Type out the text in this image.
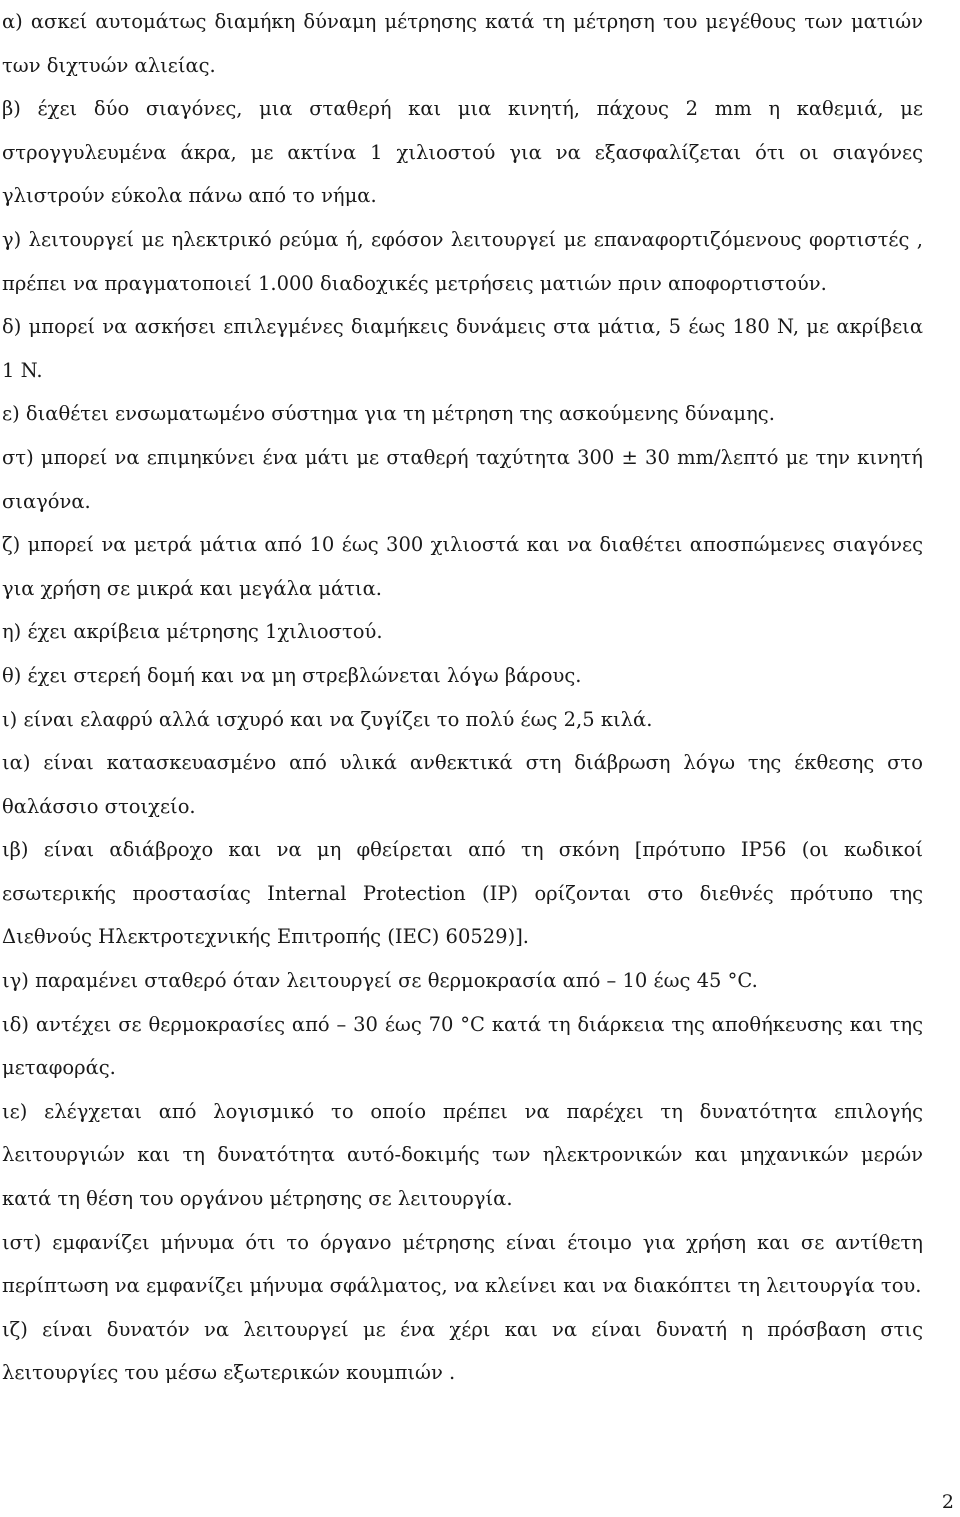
α) ασκεί αυτομάτως διαμήκη δύναμη μέτρησης κατά τη μέτρηση του μεγέθους των ματιών των διχτυών αλιείας.

β) έχει δύο σιαγόνες, μια σταθερή και μια κινητή, πάχους 2 mm η καθεμιά, με στρογγυλευμένα άκρα, με ακτίνα 1 χιλιοστού για να εξασφαλίζεται ότι οι σιαγόνες γλιστρούν εύκολα πάνω από το νήμα.

γ) λειτουργεί με ηλεκτρικό ρεύμα ή, εφόσον λειτουργεί με επαναφορτιζόμενους φορτιστές , πρέπει να πραγματοποιεί 1.000 διαδοχικές μετρήσεις ματιών πριν αποφορτιστούν.

δ) μπορεί να ασκήσει επιλεγμένες διαμήκεις δυνάμεις στα μάτια, 5 έως 180 N, με ακρίβεια 1 N.

ε) διαθέτει ενσωματωμένο σύστημα για τη μέτρηση της ασκούμενης δύναμης.

στ) μπορεί να επιμηκύνει ένα μάτι με σταθερή ταχύτητα 300 ± 30 mm/λεπτό με την κινητή σιαγόνα.

ζ) μπορεί να μετρά μάτια από 10 έως 300 χιλιοστά και να διαθέτει αποσπώμενες σιαγόνες για χρήση σε μικρά και μεγάλα μάτια.

η) έχει ακρίβεια μέτρησης 1χιλιοστού.

θ) έχει στερεή δομή και να μη στρεβλώνεται λόγω βάρους.

ι) είναι ελαφρύ αλλά ισχυρό και να ζυγίζει το πολύ έως 2,5 κιλά.

ια) είναι κατασκευασμένο από υλικά ανθεκτικά στη διάβρωση λόγω της έκθεσης στο θαλάσσιο στοιχείο.

ιβ) είναι αδιάβροχο και να μη φθείρεται από τη σκόνη [πρότυπο IP56 (οι κωδικοί εσωτερικής προστασίας Internal Protection (IP) ορίζονται στο διεθνές πρότυπο της Διεθνούς Ηλεκτροτεχνικής Επιτροπής (IEC) 60529)].

ιγ) παραμένει σταθερό όταν λειτουργεί σε θερμοκρασία από – 10 έως 45 °C.

ιδ) αντέχει σε θερμοκρασίες από – 30 έως 70 °C κατά τη διάρκεια της αποθήκευσης και της μεταφοράς.

ιε) ελέγχεται από λογισμικό το οποίο πρέπει να παρέχει τη δυνατότητα επιλογής λειτουργιών και τη δυνατότητα αυτό-δοκιμής των ηλεκτρονικών και μηχανικών μερών κατά τη θέση του οργάνου μέτρησης σε λειτουργία.

ιστ) εμφανίζει μήνυμα ότι το όργανο μέτρησης είναι έτοιμο για χρήση και σε αντίθετη περίπτωση να εμφανίζει μήνυμα σφάλματος, να κλείνει και να διακόπτει τη λειτουργία του.

ιζ) είναι δυνατόν να λειτουργεί με ένα χέρι και να είναι δυνατή η πρόσβαση στις λειτουργίες του μέσω εξωτερικών κουμπιών .

2
